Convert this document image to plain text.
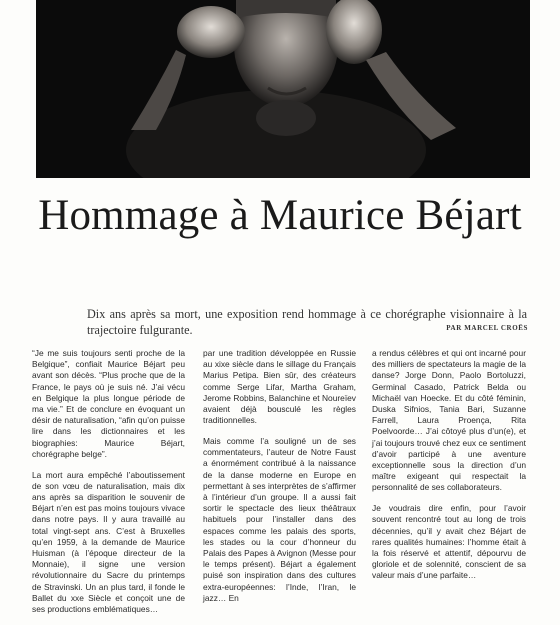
Hommage à Maurice Béjart
Dix ans après sa mort, une exposition rend hommage à ce chorégraphe visionnaire à la trajectoire fulgurante.	PAR MARCEL CROËS

“Je me suis toujours senti proche de la Belgique”, confiait Maurice Béjart peu avant son décès. “Plus proche que de la France, le pays où je suis né. J’ai vécu en Belgique la plus longue période de ma vie.” Et de conclure en évoquant un désir de naturalisation, “afin qu’on puisse lire dans les dictionnaires et les biographies: Maurice Béjart, chorégraphe belge”.

La mort aura empêché l’aboutissement de son vœu de naturalisation, mais dix ans après sa disparition le souvenir de Béjart n’en est pas moins toujours vivace dans notre pays. Il y aura travaillé au total vingt-sept ans. C’est à Bruxelles qu’en 1959, à la demande de Maurice Huisman (à l’époque directeur de la Monnaie), il signe une version révolutionnaire du Sacre du printemps de Stravinski. Un an plus tard, il fonde le Ballet du xxe Siècle et conçoit une de ses productions emblématiques…

par une tradition développée en Russie au xixe siècle dans le sillage du Français Marius Petipa. Bien sûr, des créateurs comme Serge Lifar, Martha Graham, Jerome Robbins, Balanchine et Noureïev avaient déjà bousculé les règles traditionnelles.

Mais comme l’a souligné un de ses commentateurs, l’auteur de Notre Faust a énormément contribué à la naissance de la danse moderne en Europe en permettant à ses interprètes de s’affirmer à l’intérieur d’un groupe. Il a aussi fait sortir le spectacle des lieux théâtraux habituels pour l’installer dans des espaces comme les palais des sports, les stades ou la cour d’honneur du Palais des Papes à Avignon (Messe pour le temps présent). Béjart a également puisé son inspiration dans des cultures extra-européennes: l’Inde, l’Iran, le jazz… En

a rendus célèbres et qui ont incarné pour des milliers de spectateurs la magie de la danse? Jorge Donn, Paolo Bortoluzzi, Germinal Casado, Patrick Belda ou Michaël van Hoecke. Et du côté féminin, Duska Sifnios, Tania Bari, Suzanne Farrell, Laura Proença, Rita Poelvoorde… J’ai côtoyé plus d’un(e), et j’ai toujours trouvé chez eux ce sentiment d’avoir participé à une aventure exceptionnelle sous la direction d’un maître exigeant qui respectait la personnalité de ses collaborateurs.

Je voudrais dire enfin, pour l’avoir souvent rencontré tout au long de trois décennies, qu’il y avait chez Béjart de rares qualités humaines: l’homme était à la fois réservé et attentif, dépourvu de gloriole et de solennité, conscient de sa valeur mais d’une parfaite…
